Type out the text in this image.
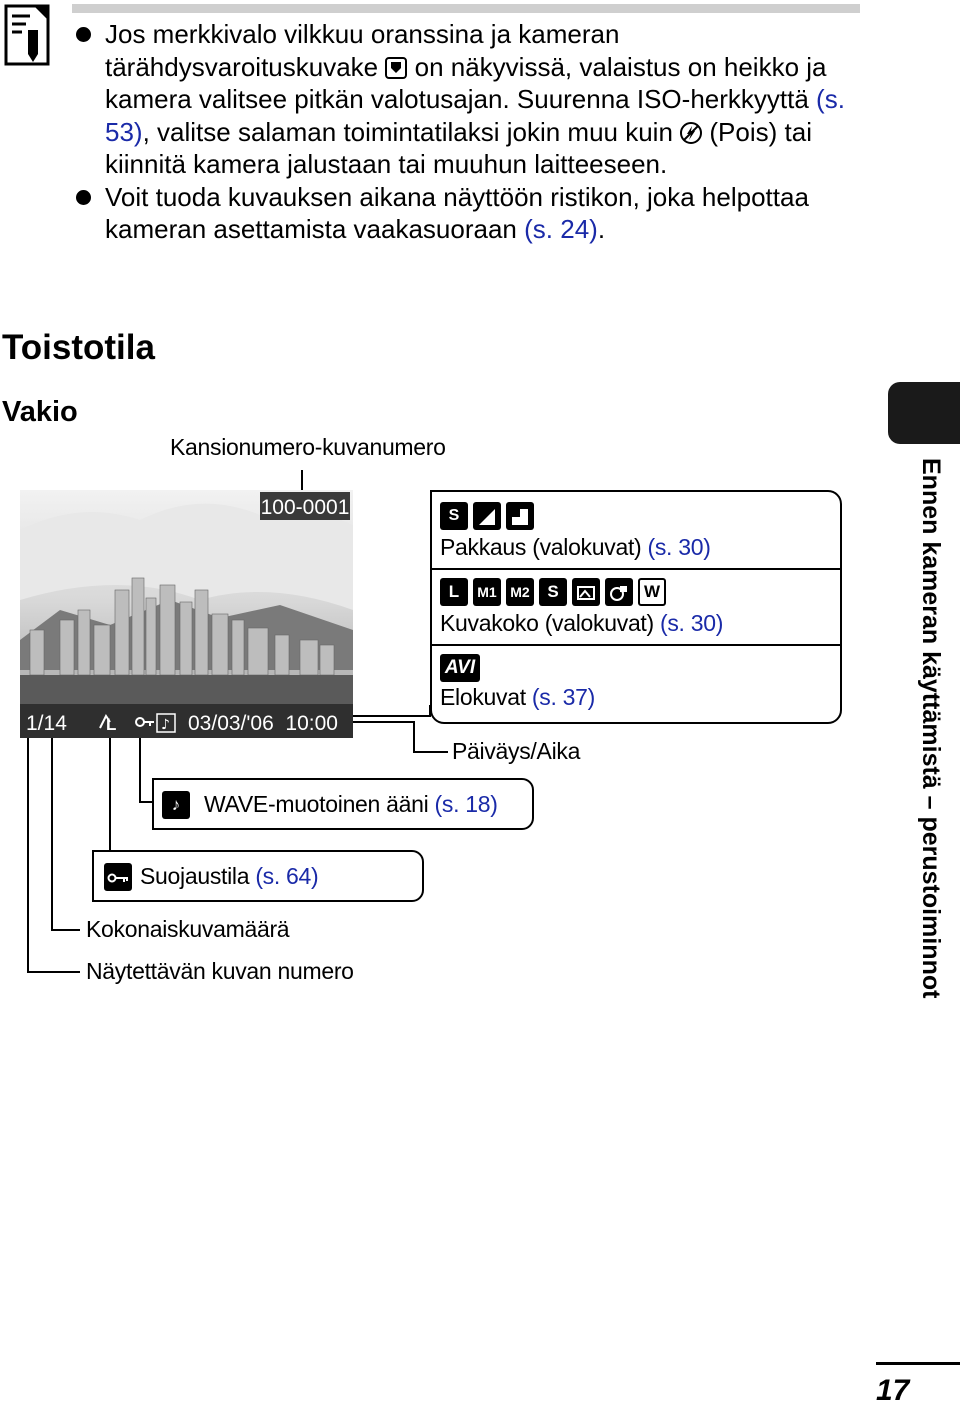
Jos merkkivalo vilkkuu oranssina ja kameran tärähdysvaroituskuvake on näkyvissä, valaistus on heikko ja kamera valitsee pitkän valotusajan. Suurenna ISO-herkkyyttä (s. 53), valitse salaman toimintatilaksi jokin muu kuin (Pois) tai kiinnitä kamera jalustaan tai muuhun laitteeseen.
Voit tuoda kuvauksen aikana näyttöön ristikon, joka helpottaa kameran asettamista vaakasuoraan (s. 24).
Toistotila
Vakio
100-0001
1/14 L	♪ 03/03/'06  10:00
Kansionumero-kuvanumero
S
Pakkaus (valokuvat) (s. 30)
L M1 M2 S	W
Kuvakoko (valokuvat) (s. 30)
AVI
Elokuvat (s. 37)
Päiväys/Aika
♪	WAVE-muotoinen ääni (s. 18)
Suojaustila (s. 64)
Kokonaiskuvamäärä
Näytettävän kuvan numero	Ennen kameran käyttämistä – perustoiminnot
17
